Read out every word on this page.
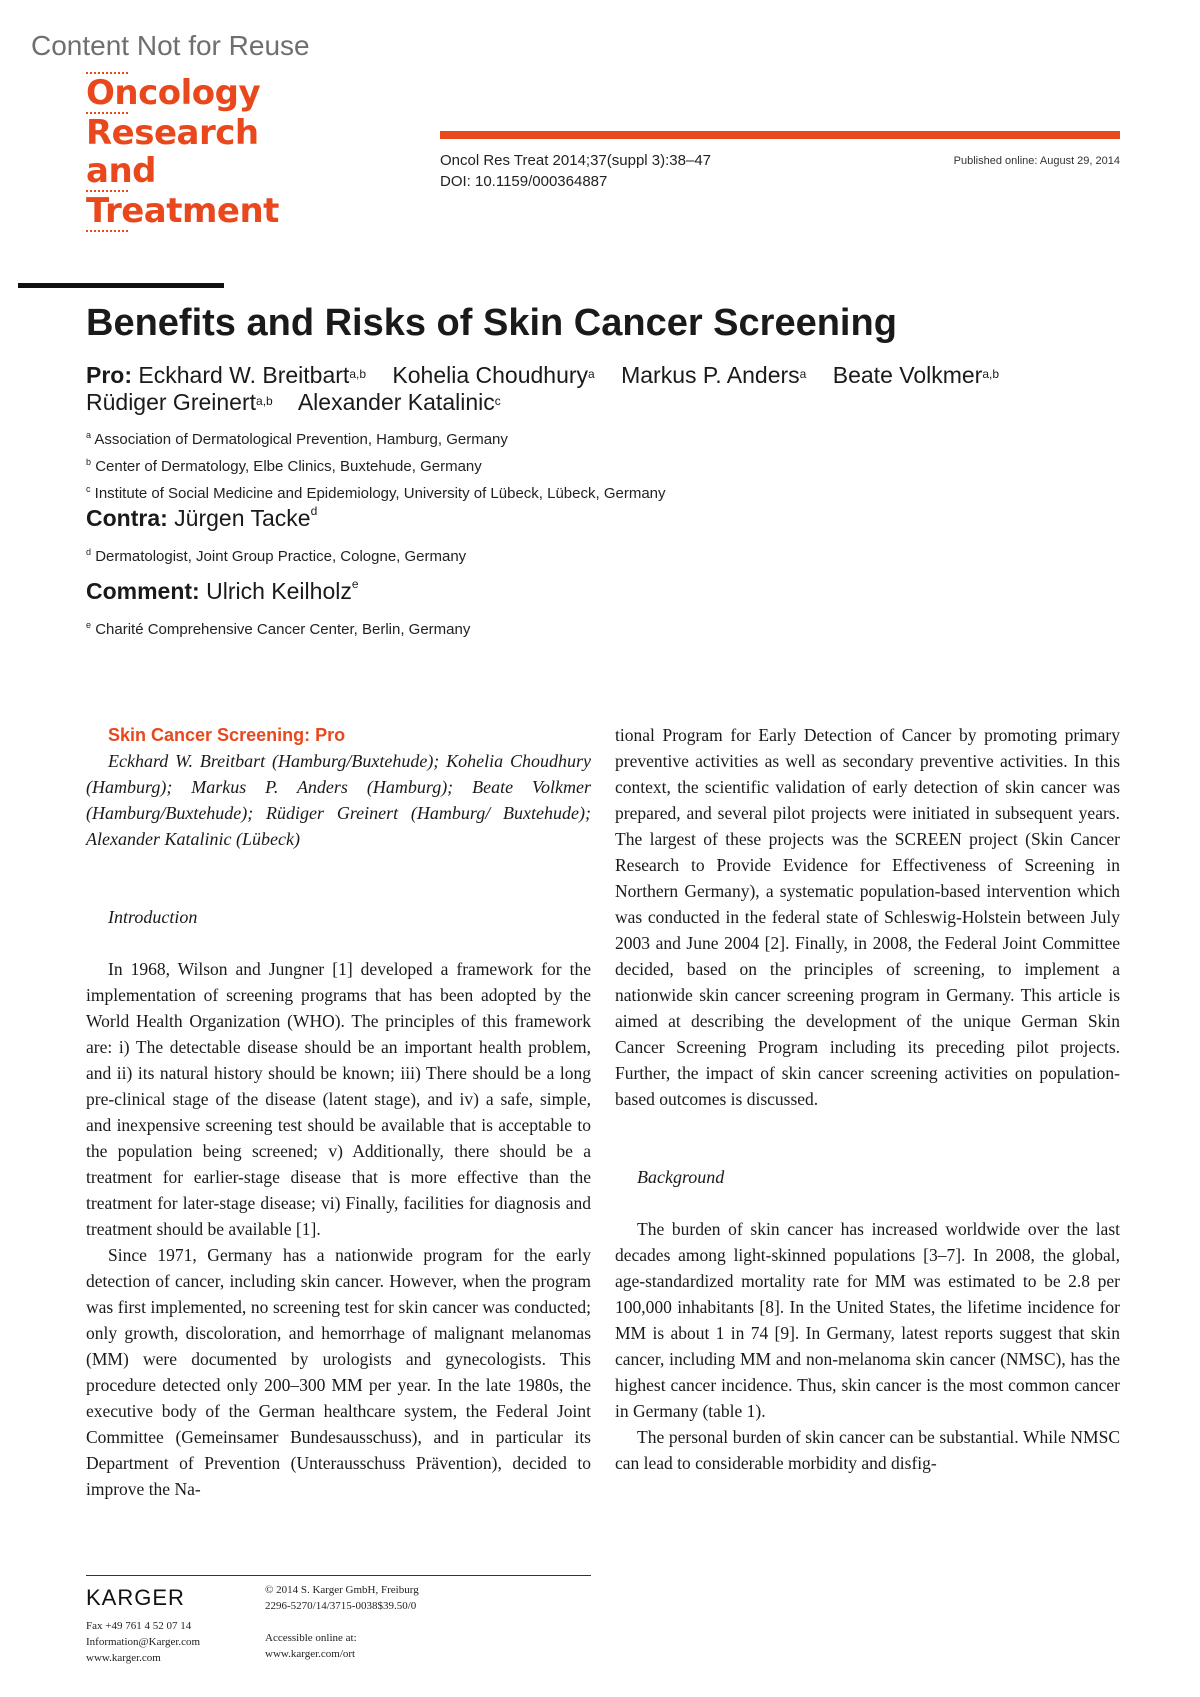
Content Not for Reuse
Oncology
Research and
Treatment
Oncol Res Treat 2014;37(suppl 3):38–47
DOI: 10.1159/000364887
Published online: August 29, 2014
Benefits and Risks of Skin Cancer Screening
Pro: Eckhard W. Breitbart$^{a,b}$ Kohelia Choudhury$^a$ Markus P. Anders$^a$ Beate Volkmer$^{a,b}$
Rüdiger Greinert$^{a,b}$ Alexander Katalinic$^c$
$^a$ Association of Dermatological Prevention, Hamburg, Germany
$^b$ Center of Dermatology, Elbe Clinics, Buxtehude, Germany
$^c$ Institute of Social Medicine and Epidemiology, University of Lübeck, Lübeck, Germany
Contra: Jürgen Tacke$^d$
$^d$ Dermatologist, Joint Group Practice, Cologne, Germany
Comment: Ulrich Keilholz$^e$
$^e$ Charité Comprehensive Cancer Center, Berlin, Germany
Skin Cancer Screening: Pro
Eckhard W. Breitbart (Hamburg/Buxtehude); Kohelia Choudhury (Hamburg); Markus P. Anders (Hamburg); Beate Volkmer (Hamburg/Buxtehude); Rüdiger Greinert (Hamburg/ Buxtehude); Alexander Katalinic (Lübeck)
Introduction

In 1968, Wilson and Jungner [1] developed a framework for the implementation of screening programs that has been adopted by the World Health Organization (WHO). The principles of this framework are: i) The detectable disease should be an important health problem, and ii) its natural history should be known; iii) There should be a long pre-clinical stage of the disease (latent stage), and iv) a safe, simple, and inexpensive screening test should be available that is acceptable to the population being screened; v) Additionally, there should be a treatment for earlier-stage disease that is more effective than the treatment for later-stage disease; vi) Finally, facilities for diagnosis and treatment should be available [1].

Since 1971, Germany has a nationwide program for the early detection of cancer, including skin cancer. However, when the program was first implemented, no screening test for skin cancer was conducted; only growth, discoloration, and hemorrhage of malignant melanomas (MM) were documented by urologists and gynecologists. This procedure detected only 200–300 MM per year. In the late 1980s, the executive body of the German healthcare system, the Federal Joint Committee (Gemeinsamer Bundesausschuss), and in particular its Department of Prevention (Unterausschuss Prävention), decided to improve the Na-

tional Program for Early Detection of Cancer by promoting primary preventive activities as well as secondary preventive activities. In this context, the scientific validation of early detection of skin cancer was prepared, and several pilot projects were initiated in subsequent years. The largest of these projects was the SCREEN project (Skin Cancer Research to Provide Evidence for Effectiveness of Screening in Northern Germany), a systematic population-based intervention which was conducted in the federal state of Schleswig-Holstein between July 2003 and June 2004 [2]. Finally, in 2008, the Federal Joint Committee decided, based on the principles of screening, to implement a nationwide skin cancer screening program in Germany. This article is aimed at describing the development of the unique German Skin Cancer Screening Program including its preceding pilot projects. Further, the impact of skin cancer screening activities on population-based outcomes is discussed.

Background

The burden of skin cancer has increased worldwide over the last decades among light-skinned populations [3–7]. In 2008, the global, age-standardized mortality rate for MM was estimated to be 2.8 per 100,000 inhabitants [8]. In the United States, the lifetime incidence for MM is about 1 in 74 [9]. In Germany, latest reports suggest that skin cancer, including MM and non-melanoma skin cancer (NMSC), has the highest cancer incidence. Thus, skin cancer is the most common cancer in Germany (table 1).

The personal burden of skin cancer can be substantial. While NMSC can lead to considerable morbidity and disfig-

KARGER
Fax +49 761 4 52 07 14
Information@Karger.com
www.karger.com
© 2014 S. Karger GmbH, Freiburg
2296-5270/14/3715-0038$39.50/0
Accessible online at:
www.karger.com/ort
